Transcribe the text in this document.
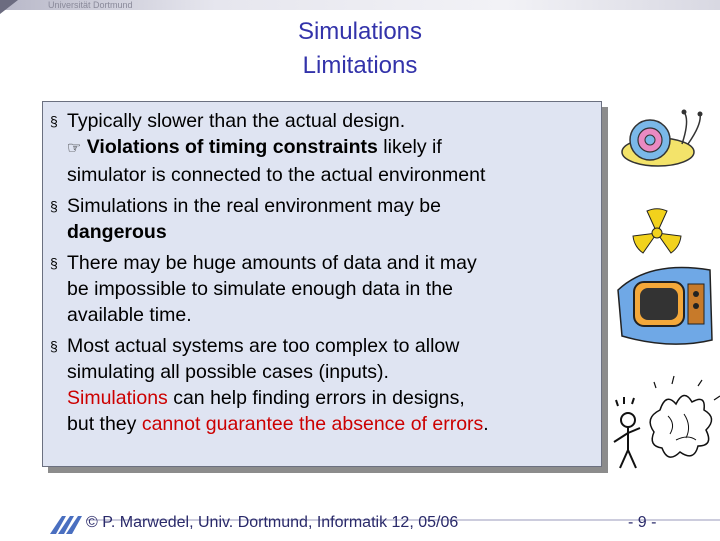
Universität Dortmund
Simulations
Limitations
§ Typically slower than the actual design.
☞ Violations of timing constraints likely if
simulator is connected to the actual environment
§ Simulations in the real environment may be
dangerous
§ There may be huge amounts of data and it may
be impossible to simulate enough data in the
available time.
§ Most actual systems are too complex to allow
simulating all possible cases (inputs).
Simulations can help finding errors in designs,
but they cannot guarantee the absence of errors.
© P. Marwedel, Univ. Dortmund, Informatik 12, 05/06	- 9 -
